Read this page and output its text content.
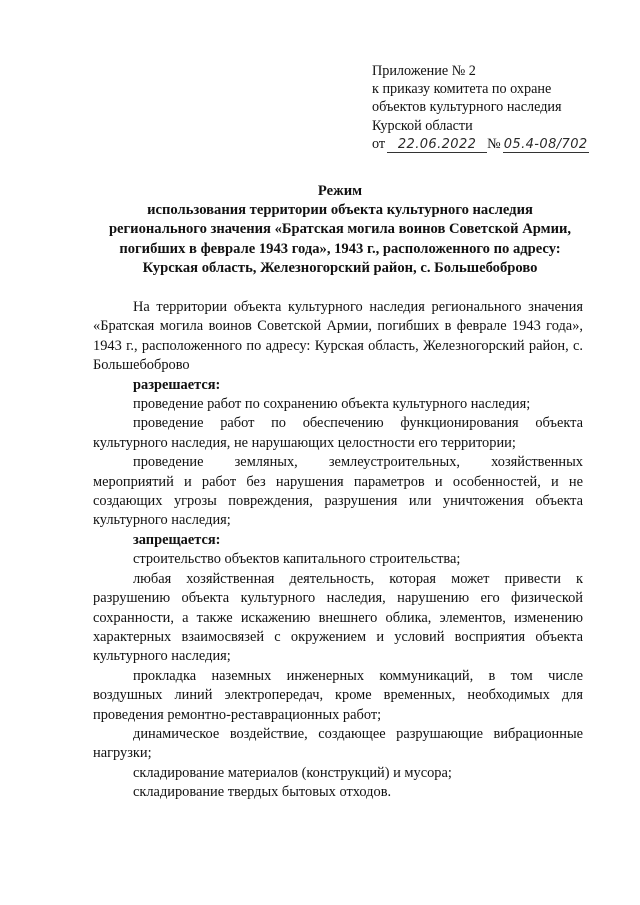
Приложение № 2
к приказу комитета по охране
объектов культурного наследия
Курской области
от 22.06.2022 № 05.4-08/702
Режим
использования территории объекта культурного наследия
регионального значения «Братская могила воинов Советской Армии,
погибших в феврале 1943 года», 1943 г., расположенного по адресу:
Курская область, Железногорский район, с. Большебоброво

На территории объекта культурного наследия регионального значения «Братская могила воинов Советской Армии, погибших в феврале 1943 года», 1943 г., расположенного по адресу: Курская область, Железногорский район, с. Большебоброво

разрешается:

проведение работ по сохранению объекта культурного наследия;

проведение работ по обеспечению функционирования объекта культурного наследия, не нарушающих целостности его территории;

проведение земляных, землеустроительных, хозяйственных мероприятий и работ без нарушения параметров и особенностей, и не создающих угрозы повреждения, разрушения или уничтожения объекта культурного наследия;

запрещается:

строительство объектов капитального строительства;

любая хозяйственная деятельность, которая может привести к разрушению объекта культурного наследия, нарушению его физической сохранности, а также искажению внешнего облика, элементов, изменению характерных взаимосвязей с окружением и условий восприятия объекта культурного наследия;

прокладка наземных инженерных коммуникаций, в том числе воздушных линий электропередач, кроме временных, необходимых для проведения ремонтно-реставрационных работ;

динамическое воздействие, создающее разрушающие вибрационные нагрузки;

складирование материалов (конструкций) и мусора;

складирование твердых бытовых отходов.
